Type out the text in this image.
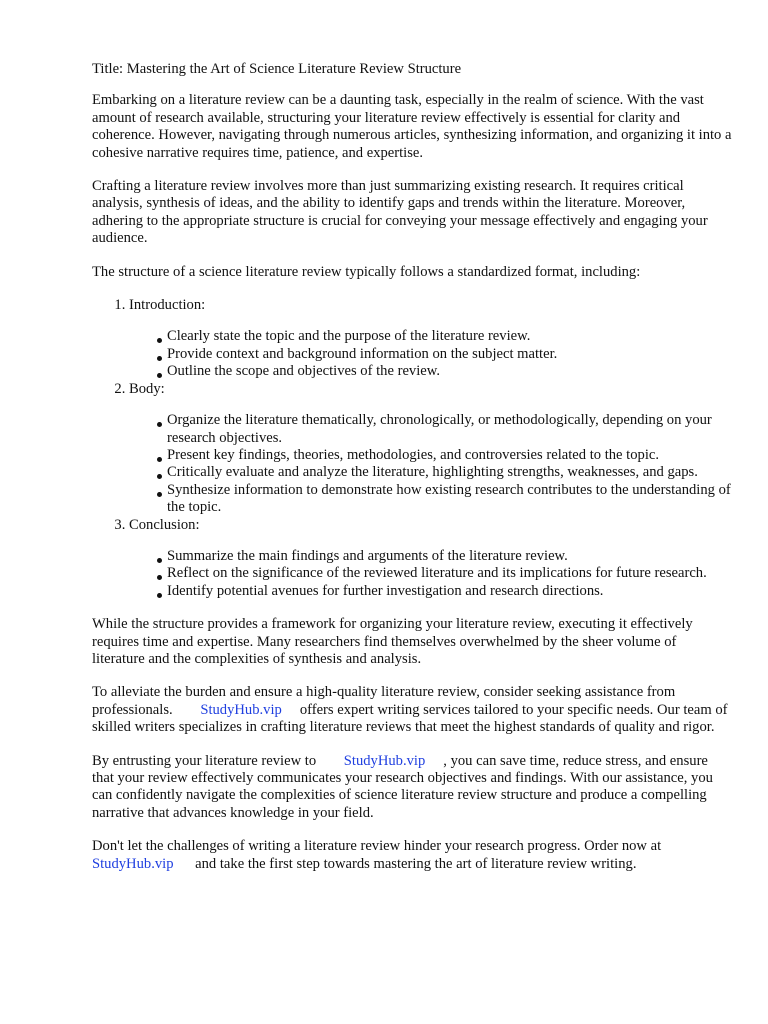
Title: Mastering the Art of Science Literature Review Structure

Embarking on a literature review can be a daunting task, especially in the realm of science. With the vast amount of research available, structuring your literature review effectively is essential for clarity and coherence. However, navigating through numerous articles, synthesizing information, and organizing it into a cohesive narrative requires time, patience, and expertise.

Crafting a literature review involves more than just summarizing existing research. It requires critical analysis, synthesis of ideas, and the ability to identify gaps and trends within the literature. Moreover, adhering to the appropriate structure is crucial for conveying your message effectively and engaging your audience.

The structure of a science literature review typically follows a standardized format, including:

1. Introduction:
Clearly state the topic and the purpose of the literature review.
Provide context and background information on the subject matter.
Outline the scope and objectives of the review.
2. Body:
Organize the literature thematically, chronologically, or methodologically, depending on your research objectives.
Present key findings, theories, methodologies, and controversies related to the topic.
Critically evaluate and analyze the literature, highlighting strengths, weaknesses, and gaps.
Synthesize information to demonstrate how existing research contributes to the understanding of the topic.
3. Conclusion:
Summarize the main findings and arguments of the literature review.
Reflect on the significance of the reviewed literature and its implications for future research.
Identify potential avenues for further investigation and research directions.

While the structure provides a framework for organizing your literature review, executing it effectively requires time and expertise. Many researchers find themselves overwhelmed by the sheer volume of literature and the complexities of synthesis and analysis.

To alleviate the burden and ensure a high-quality literature review, consider seeking assistance from professionals. StudyHub.vip offers expert writing services tailored to your specific needs. Our team of skilled writers specializes in crafting literature reviews that meet the highest standards of quality and rigor.

By entrusting your literature review to StudyHub.vip , you can save time, reduce stress, and ensure that your review effectively communicates your research objectives and findings. With our assistance, you can confidently navigate the complexities of science literature review structure and produce a compelling narrative that advances knowledge in your field.

Don't let the challenges of writing a literature review hinder your research progress. Order now at StudyHub.vip and take the first step towards mastering the art of literature review writing.
